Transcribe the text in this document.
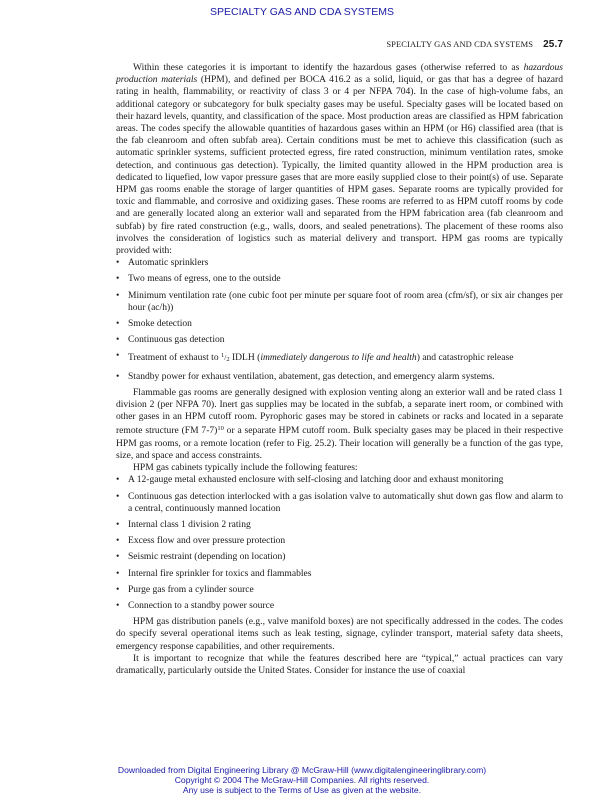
SPECIALTY GAS AND CDA SYSTEMS
SPECIALTY GAS AND CDA SYSTEMS 25.7

Within these categories it is important to identify the hazardous gases (otherwise referred to as hazardous production materials (HPM), and defined per BOCA 416.2 as a solid, liquid, or gas that has a degree of hazard rating in health, flammability, or reactivity of class 3 or 4 per NFPA 704). In the case of high-volume fabs, an additional category or subcategory for bulk specialty gases may be useful. Specialty gases will be located based on their hazard levels, quantity, and classification of the space. Most production areas are classified as HPM fabrication areas. The codes specify the allowable quantities of hazardous gases within an HPM (or H6) classified area (that is the fab cleanroom and often subfab area). Certain conditions must be met to achieve this classification (such as automatic sprinkler systems, sufficient protected egress, fire rated construction, minimum ventilation rates, smoke detection, and continuous gas detection). Typically, the limited quantity allowed in the HPM production area is dedicated to liquefied, low vapor pressure gases that are more easily supplied close to their point(s) of use. Separate HPM gas rooms enable the storage of larger quantities of HPM gases. Separate rooms are typically provided for toxic and flammable, and corrosive and oxidizing gases. These rooms are referred to as HPM cutoff rooms by code and are generally located along an exterior wall and separated from the HPM fabrication area (fab cleanroom and subfab) by fire rated construction (e.g., walls, doors, and sealed penetrations). The placement of these rooms also involves the consideration of logistics such as material delivery and transport. HPM gas rooms are typically provided with:

• Automatic sprinklers
• Two means of egress, one to the outside
• Minimum ventilation rate (one cubic foot per minute per square foot of room area (cfm/sf), or six air changes per hour (ac/h))
• Smoke detection
• Continuous gas detection
• Treatment of exhaust to $^1/_2$ IDLH (immediately dangerous to life and health) and catastrophic release
• Standby power for exhaust ventilation, abatement, gas detection, and emergency alarm systems.

Flammable gas rooms are generally designed with explosion venting along an exterior wall and be rated class 1 division 2 (per NFPA 70). Inert gas supplies may be located in the subfab, a separate inert room, or combined with other gases in an HPM cutoff room. Pyrophoric gases may be stored in cabinets or racks and located in a separate remote structure (FM 7-7)$^{10}$ or a separate HPM cutoff room. Bulk specialty gases may be placed in their respective HPM gas rooms, or a remote location (refer to Fig. 25.2). Their location will generally be a function of the gas type, size, and space and access constraints.

HPM gas cabinets typically include the following features:

• A 12-gauge metal exhausted enclosure with self-closing and latching door and exhaust monitoring
• Continuous gas detection interlocked with a gas isolation valve to automatically shut down gas flow and alarm to a central, continuously manned location
• Internal class 1 division 2 rating
• Excess flow and over pressure protection
• Seismic restraint (depending on location)
• Internal fire sprinkler for toxics and flammables
• Purge gas from a cylinder source
• Connection to a standby power source

HPM gas distribution panels (e.g., valve manifold boxes) are not specifically addressed in the codes. The codes do specify several operational items such as leak testing, signage, cylinder transport, material safety data sheets, emergency response capabilities, and other requirements.

It is important to recognize that while the features described here are “typical,” actual practices can vary dramatically, particularly outside the United States. Consider for instance the use of coaxial

Downloaded from Digital Engineering Library @ McGraw-Hill (www.digitalengineeringlibrary.com)
Copyright © 2004 The McGraw-Hill Companies. All rights reserved.
Any use is subject to the Terms of Use as given at the website.
